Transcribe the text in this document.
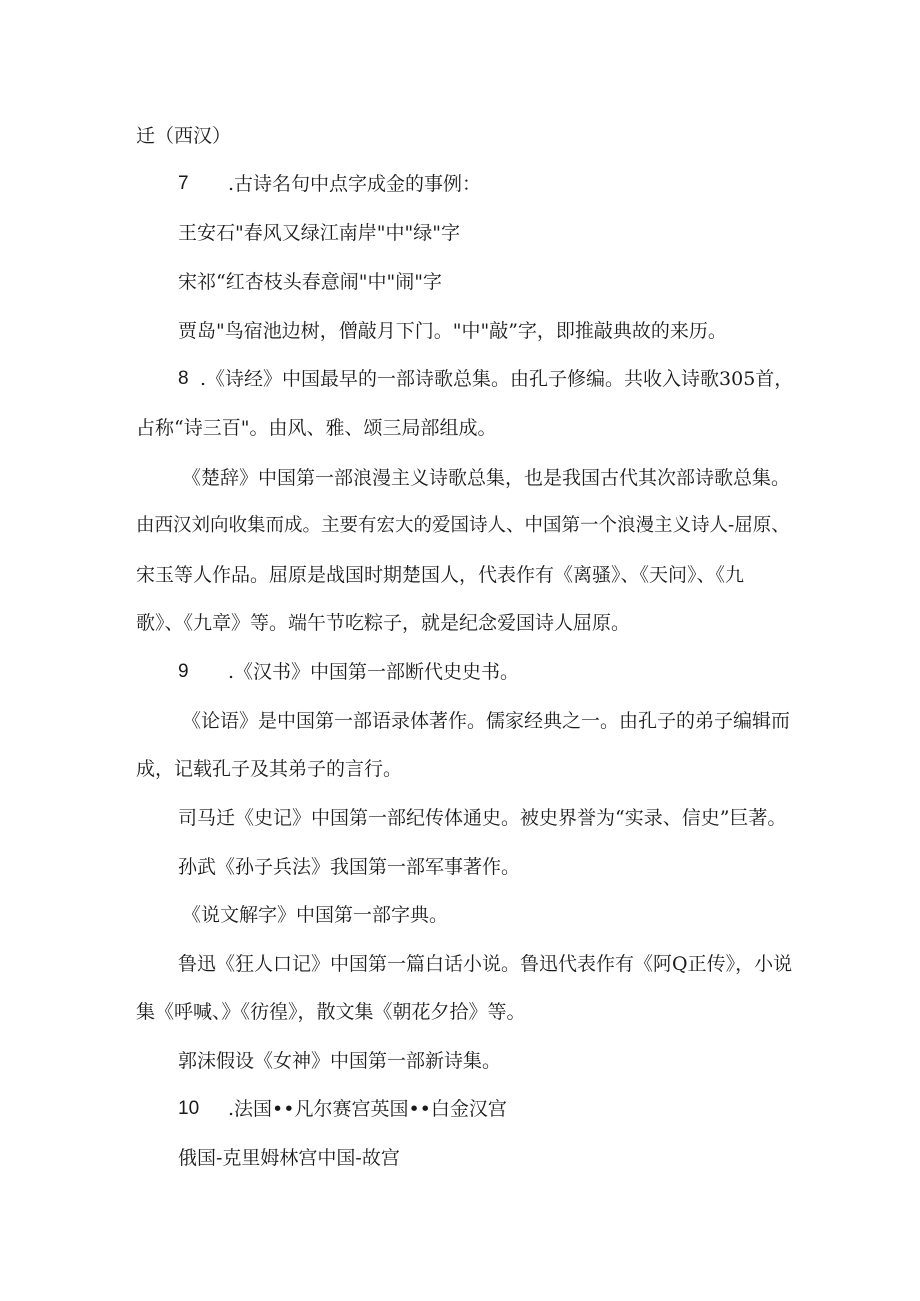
迁（西汉）
7 .古诗名句中点字成金的事例：
王安石"春风又绿江南岸"中"绿"字
宋祁“红杏枝头春意闹"中"闹"字
贾岛"鸟宿池边树，僧敲月下门。"中"敲”字，即推敲典故的来历。
8 .《诗经》中国最早的一部诗歌总集。由孔子修编。共收入诗歌305首，
占称“诗三百"。由风、雅、颂三局部组成。
《楚辞》中国第一部浪漫主义诗歌总集，也是我国古代其次部诗歌总集。
由西汉刘向收集而成。主要有宏大的爱国诗人、中国第一个浪漫主义诗人-屈原、
宋玉等人作品。屈原是战国时期楚国人，代表作有《离骚》、《天问》、《九
歌》、《九章》等。端午节吃粽子，就是纪念爱国诗人屈原。
9 .《汉书》中国第一部断代史史书。
《论语》是中国第一部语录体著作。儒家经典之一。由孔子的弟子编辑而
成，记载孔子及其弟子的言行。
司马迁《史记》中国第一部纪传体通史。被史界誉为“实录、信史”巨著。
孙武《孙子兵法》我国第一部军事著作。
《说文解字》中国第一部字典。
鲁迅《狂人口记》中国第一篇白话小说。鲁迅代表作有《阿Q正传》，小说
集《呼喊、》《彷徨》，散文集《朝花夕拾》等。
郭沫假设《女神》中国第一部新诗集。
10 .法国••凡尔赛宫英国••白金汉宫
俄国-克里姆林宫中国-故宫
